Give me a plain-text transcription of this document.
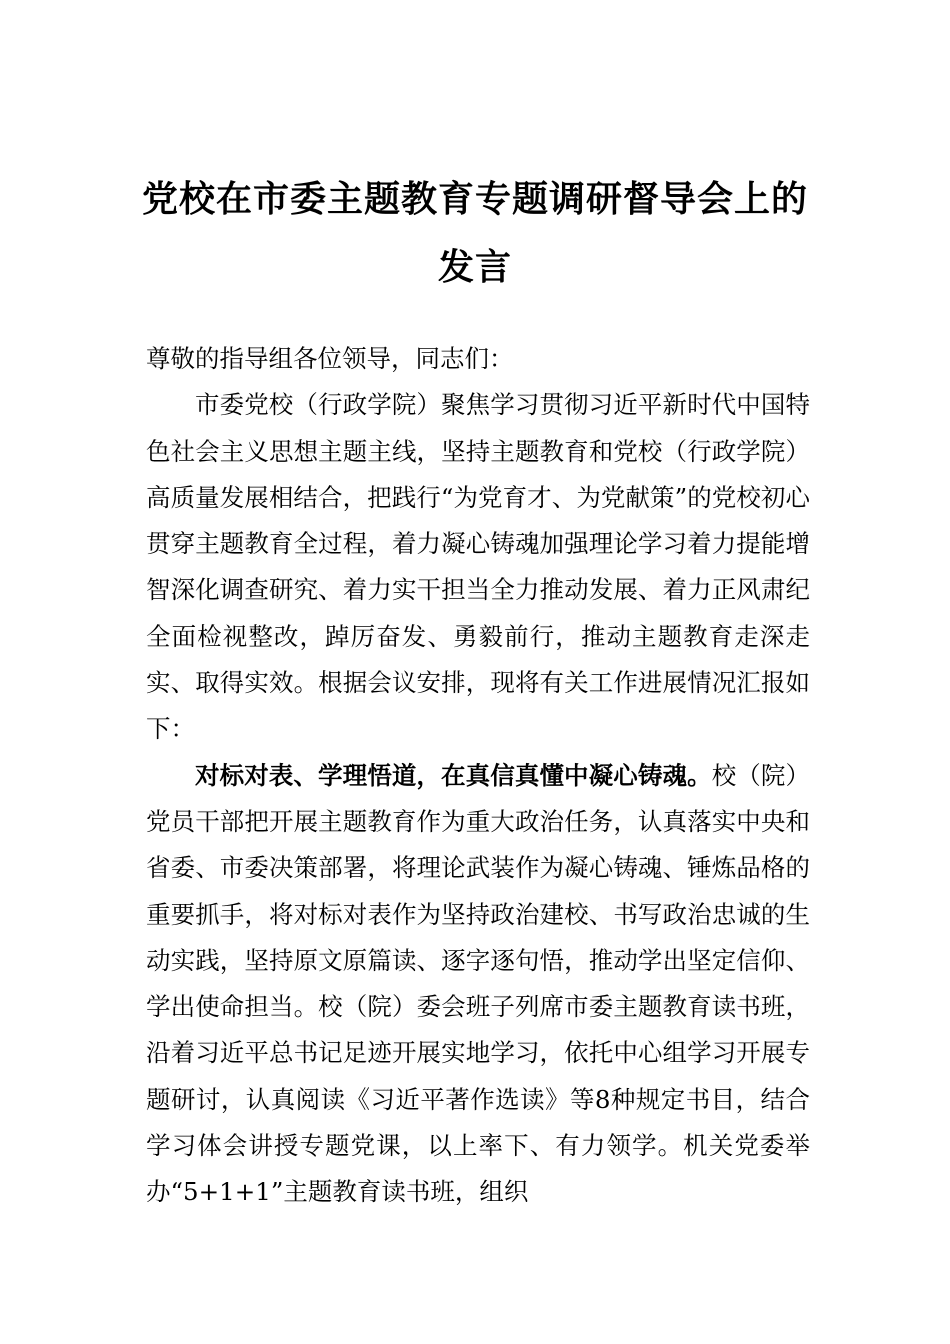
党校在市委主题教育专题调研督导会上的
发言

尊敬的指导组各位领导，同志们：

市委党校（行政学院）聚焦学习贯彻习近平新时代中国特色社会主义思想主题主线，坚持主题教育和党校（行政学院）高质量发展相结合，把践行“为党育才、为党献策”的党校初心贯穿主题教育全过程，着力凝心铸魂加强理论学习着力提能增智深化调查研究、着力实干担当全力推动发展、着力正风肃纪全面检视整改，踔厉奋发、勇毅前行，推动主题教育走深走实、取得实效。根据会议安排，现将有关工作进展情况汇报如下：

对标对表、学理悟道，在真信真懂中凝心铸魂。校（院）党员干部把开展主题教育作为重大政治任务，认真落实中央和省委、市委决策部署，将理论武装作为凝心铸魂、锤炼品格的重要抓手，将对标对表作为坚持政治建校、书写政治忠诚的生动实践，坚持原文原篇读、逐字逐句悟，推动学出坚定信仰、学出使命担当。校（院）委会班子列席市委主题教育读书班，沿着习近平总书记足迹开展实地学习，依托中心组学习开展专题研讨，认真阅读《习近平著作选读》等8种规定书目，结合学习体会讲授专题党课，以上率下、有力领学。机关党委举办“5+1+1”主题教育读书班，组织
